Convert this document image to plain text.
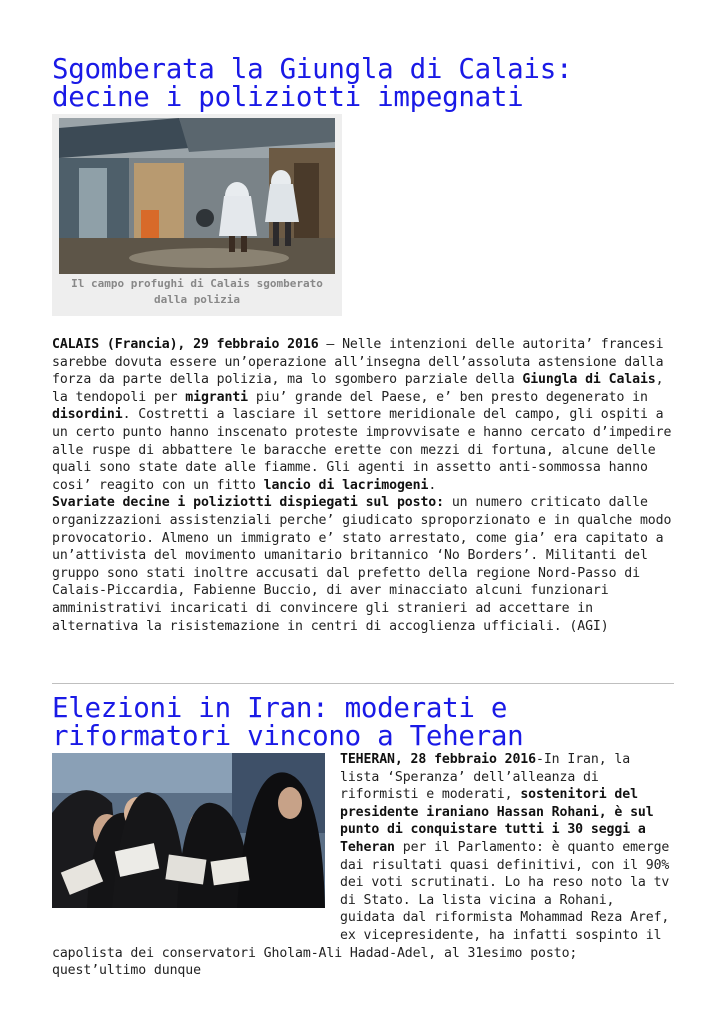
Sgomberata la Giungla di Calais: decine i poliziotti impegnati
Il campo profughi di Calais sgomberato dalla polizia

CALAIS (Francia), 29 febbraio 2016 – Nelle intenzioni delle autorita’ francesi sarebbe dovuta essere un’operazione all’insegna dell’assoluta astensione dalla forza da parte della polizia, ma lo sgombero parziale della Giungla di Calais, la tendopoli per migranti piu’ grande del Paese, e’ ben presto degenerato in disordini. Costretti a lasciare il settore meridionale del campo, gli ospiti a un certo punto hanno inscenato proteste improvvisate e hanno cercato d’impedire alle ruspe di abbattere le baracche erette con mezzi di fortuna, alcune delle quali sono state date alle fiamme. Gli agenti in assetto anti-sommossa hanno cosi’ reagito con un fitto lancio di lacrimogeni.

Svariate decine i poliziotti dispiegati sul posto: un numero criticato dalle organizzazioni assistenziali perche’ giudicato sproporzionato e in qualche modo provocatorio. Almeno un immigrato e’ stato arrestato, come gia’ era capitato a un’attivista del movimento umanitario britannico ‘No Borders’. Militanti del gruppo sono stati inoltre accusati dal prefetto della regione Nord-Passo di Calais-Piccardia, Fabienne Buccio, di aver minacciato alcuni funzionari amministrativi incaricati di convincere gli stranieri ad accettare in alternativa la risistemazione in centri di accoglienza ufficiali. (AGI)

Elezioni in Iran: moderati e riformatori vincono a Teheran

TEHERAN, 28 febbraio 2016-In Iran, la lista ‘Speranza’ dell’alleanza di riformisti e moderati, sostenitori del presidente iraniano Hassan Rohani, è sul punto di conquistare tutti i 30 seggi a Teheran per il Parlamento: è quanto emerge dai risultati quasi definitivi, con il 90% dei voti scrutinati. Lo ha reso noto la tv di Stato. La lista vicina a Rohani, guidata dal riformista Mohammad Reza Aref, ex vicepresidente, ha infatti sospinto il capolista dei conservatori Gholam-Ali Hadad-Adel, al 31esimo posto; quest’ultimo dunque
